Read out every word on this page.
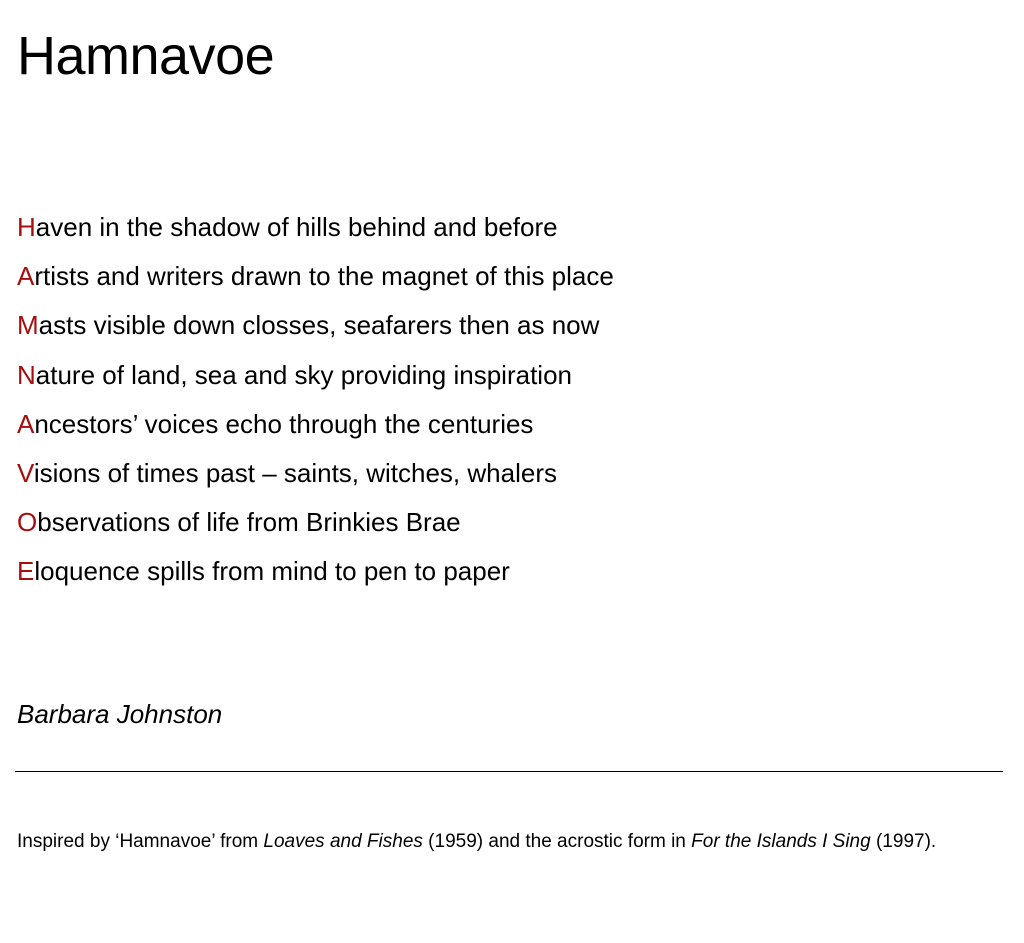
Hamnavoe
Haven in the shadow of hills behind and before
Artists and writers drawn to the magnet of this place
Masts visible down closses, seafarers then as now
Nature of land, sea and sky providing inspiration
Ancestors’ voices echo through the centuries
Visions of times past – saints, witches, whalers
Observations of life from Brinkies Brae
Eloquence spills from mind to pen to paper

Barbara Johnston

Inspired by ‘Hamnavoe’ from Loaves and Fishes (1959) and the acrostic form in For the Islands I Sing (1997).
